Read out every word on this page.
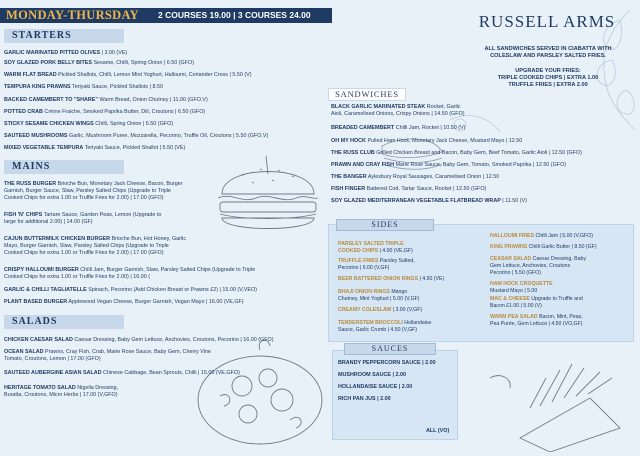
MONDAY-THURSDAY 2 COURSES 19.00 | 3 COURSES 24.00	RUSSELL ARMS
ALL SANDWICHES SERVED IN CIABATTA WITH
COLESLAW AND PARSLEY SALTED FRIES.
UPGRADE YOUR FRIES:
TRIPLE COOKED CHIPS | EXTRA 1.00
TRUFFLE FRIES | EXTRA 2.00
STARTERS
GARLIC MARINATED PITTED OLIVES | 3.00 (VE)
SOY GLAZED PORK BELLY BITES Sesame, Chilli, Spring Onion | 6.50 (GFO)
WARM FLAT BREAD Pickled Shallots, Chilli, Lemon Mint Yoghurt, Halloumi, Coriander Cress | 5.50 (V)
TEMPURA KING PRAWNS Teriyaki Sauce, Pickled Shallots | 8.50
BACKED CAMEMBERT TO "SHARE" Warm Bread, Onion Chutney | 11.00 (GFO,V)
POTTED CRAB Crème Fraiche, Smoked Paprika Butter, Dill, Croutons | 6.50 (GFO)
STICKY SESAME CHICKEN WINGS Chilli, Spring Onion | 6.50 (GFO)
SAUTEED MUSHROOMS Garlic, Mushroom Puree, Mozzarella, Pecorino, Truffle Oil, Croutons | 5.50 (GFO,V)
MIXED VEGETABLE TEMPURA Teriyaki Sauce, Pickled Shallot | 5.50 (VE)
MAINS
THE RUSS BURGER Brioche Bun, Monetary Jack Cheese, Bacon, Burger
Garnish, Burger Sauce, Slaw, Parsley Salted Chips (Upgrade to Triple
Cooked Chips for extra 1.00 or Truffle Fries for 2.00) | 17.00 (GFO)
FISH 'N' CHIPS Tartare Sauce, Garden Peas, Lemon (Upgrade to
large for additional 2.00) | 14.00 (GF)
CAJUN BUTTERMILK CHICKEN BURGER Brioche Bun, Hot Honey, Garlic
Mayo, Burger Garnish, Slaw, Parsley Salted Chips (Upgrade to Triple
Cooked Chips for extra 1.00 or Truffle Fries for 2.00) | 17.00 (GFO)
CRISPY HALLOUMI BURGER Chilli Jam, Burger Garnish, Slaw, Parsley Salted Chips (Upgrade to Triple
Cooked Chips for extra 1.00 or Truffle Fries for 2.00) | 16.00 (
GARLIC & CHILLI TAGLIATELLE Spinach, Pecorino (Add Chicken Breast or Prawns £2) | 15.00 (V,VEO)
PLANT BASED BURGER Applewood Vegan Cheese, Burger Garnish, Vegan Mayo | 16.00 (VE,GF)
SALADS
CHICKEN CAESAR SALAD Caesar Dressing, Baby Gem Lettuce, Anchovies, Croutons, Pecorino | 16.00 (GFO)
OCEAN SALAD Prawns, Cray Fish, Crab, Marie Rose Sauce, Baby Gem, Cherry Vine
Tomato, Croutons, Lemon | 17.00 (GFO)
SAUTEED AUBERGINE ASIAN SALAD Chinese Cabbage, Bean Sprouts, Chilli | 15.00 (VE,GFO)
HERITAGE TOMATO SALAD Nigella Dressing,
Buratta, Croutons, Micro Herbs | 17.00 (V,GFO)
SANDWICHES
BLACK GARLIC MARINATED STEAK Rocket, Garlic
Aioli, Caramelised Onions, Crispy Onions | 14.50 (GFO)
BREADED CAMEMBERT Chilli Jam, Rocket | 10.50 (V)
OH MY HOCK Pulled Ham Hock, Monetary Jack Cheese, Mustard Mayo | 12.50
THE RUSS CLUB Grilled Chicken Breast and Bacon, Baby Gem, Beef Tomato, Garlic Aioli | 12.50 (GFO)
PRAWN AND CRAY FISH Marie Rose Sauce, Baby Gem, Tomato, Smoked Paprika | 12.50 (GFO)
THE BANGER Aylesbury Royal Sausages, Caramelised Onion | 12.50
FISH FINGER Battered Cod, Tartar Sauce, Rocket | 12.50 (GFO)
SOY GLAZED MEDITERRANEAN VEGETABLE FLATBREAD WRAP | 11.50 (V)
SIDES
PARSLEY SALTED TRIPLE
COOKED CHIPS | 4.00 (VE,GF)
TRUFFLE FRIES Parsley Salted,
Pecorino | 6.00 (V,GF)
BEER BATTERED ONION RINGS | 4.50 (VE)
BHAJI ONION RINGS Mango
Chutney, Mint Yoghurt | 5.00 (V,GF)
CREAMY COLESLAW | 3.00 (V,GF)
TENDERSTEM BROCCOLI Hollandaise
Sauce, Garlic Crumb | 4.50 (V,GF)
HALLOUMI FRIES Chilli Jam | 5.00 (V,GFO)
KING PRAWNS Chilli Garlic Butter | 8.50 (GF)
CEASAR SALAD Caesar Dressing, Baby
Gem Lettuce, Anchovies, Croutons
Pecorino | 5.50 (GFO)
HAM HOCK CROQUETTE
Mustard Mayo | 5.00
MAC & CHEESE Upgrade to Truffle and
Bacon £1.00 | 5.00 (V)
WARM PEA SALAD Bacon, Mint, Peas,
Pea Purée, Gem Lettuce | 4.50 (VO,GF)
SAUCES
BRANDY PEPPERCORN SAUCE | 2.00
MUSHROOM SAUCE | 2.00
HOLLANDAISE SAUCE | 2.00
RICH PAN JUS | 2.00
ALL (VO)
